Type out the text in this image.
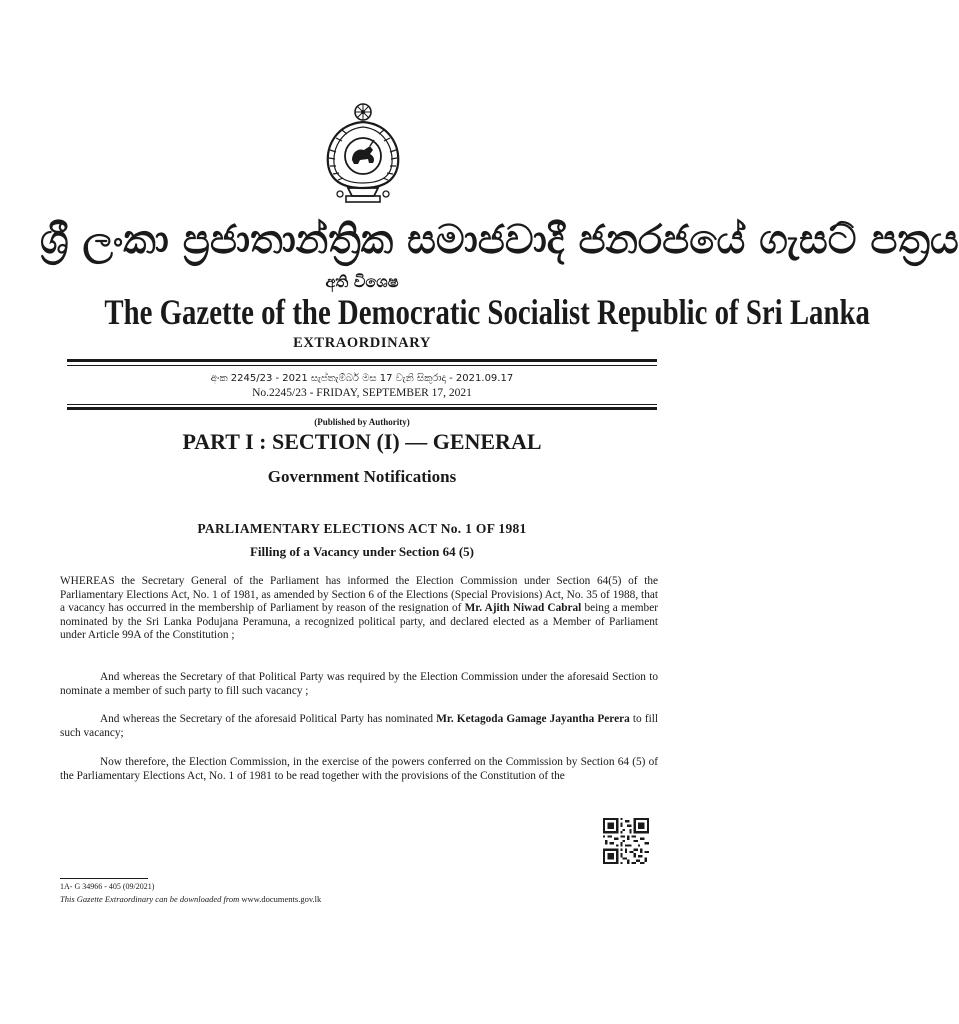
ශ්‍රී ලංකා ප්‍රජාතාන්ත්‍රික සමාජවාදී ජනරජයේ ගැසට් පත්‍රය
අති විශෙෂ
The Gazette of the Democratic Socialist Republic of Sri Lanka
EXTRAORDINARY
අංක 2245/23 - 2021 සැප්තැම්බර් මස 17 වැනි සිකුරාදා - 2021.09.17
No.2245/23 - FRIDAY, SEPTEMBER 17, 2021
(Published by Authority)
PART I : SECTION (I) — GENERAL
Government Notifications
PARLIAMENTARY ELECTIONS ACT No. 1 OF 1981
Filling of a Vacancy under Section 64 (5)

WHEREAS the Secretary General of the Parliament has informed the Election Commission under Section 64(5) of the Parliamentary Elections Act, No. 1 of 1981, as amended by Section 6 of the Elections (Special Provisions) Act, No. 35 of 1988, that a vacancy has occurred in the membership of Parliament by reason of the resignation of Mr. Ajith Niwad Cabral being a member nominated by the Sri Lanka Podujana Peramuna, a recognized political party, and declared elected as a Member of Parliament under Article 99A of the Constitution ;

And whereas the Secretary of that Political Party was required by the Election Commission under the aforesaid Section to nominate a member of such party to fill such vacancy ;

And whereas the Secretary of the aforesaid Political Party has nominated Mr. Ketagoda Gamage Jayantha Perera to fill such vacancy;

Now therefore, the Election Commission, in the exercise of the powers conferred on the Commission by Section 64 (5) of the Parliamentary Elections Act, No. 1 of 1981 to be read together with the provisions of the Constitution of the

1A- G 34966 - 405 (09/2021)
This Gazette Extraordinary can be downloaded from www.documents.gov.lk
